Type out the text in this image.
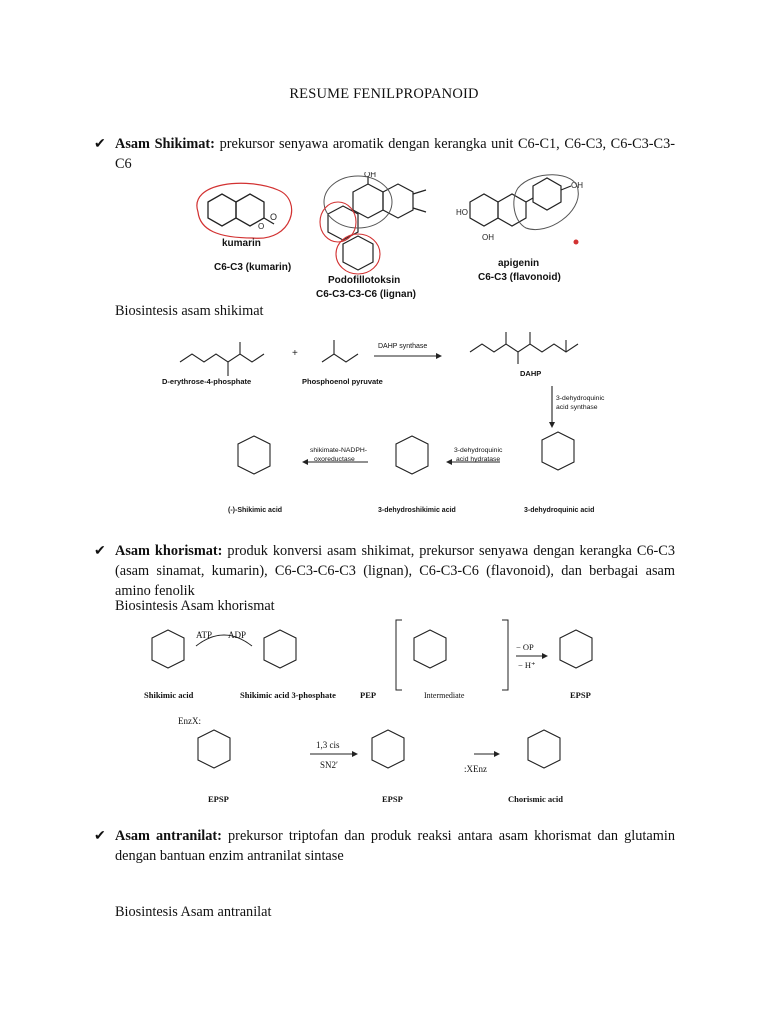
RESUME FENILPROPANOID
✔ Asam Shikimat: prekursor senyawa aromatik dengan kerangka unit C6-C1, C6-C3, C6-C3-C3-C6
O
O
kumarin
C6-C3 (kumarin)
OH
Podofillotoksin
C6-C3-C3-C6 (lignan)
HO
OH
OH
apigenin
C6-C3 (flavonoid)
Biosintesis asam shikimat
+
D-erythrose-4-phosphate	Phosphoenol pyruvate
DAHP synthase
DAHP
3-dehydroquinic
acid synthase
3-dehydroquinic acid
3-dehydroquinic
acid hydratase
3-dehydroshikimic acid
shikimate-NADPH-
oxoreductase
(-)-Shikimic acid
✔ Asam khorismat: produk konversi asam shikimat, prekursor senyawa dengan kerangka C6-C3 (asam sinamat, kumarin), C6-C3-C6-C3 (lignan), C6-C3-C6 (flavonoid), dan berbagai asam amino fenolik
Biosintesis Asam khorismat
Shikimic acid
ATP ADP
Shikimic acid 3-phosphate	PEP	Intermediate
− OP
− H⁺
EPSP
EnzX:
EPSP
1,3 cis
SN2′
EPSP
:XEnz
Chorismic acid
✔ Asam antranilat: prekursor triptofan dan produk reaksi antara asam khorismat dan glutamin dengan bantuan enzim antranilat sintase
Biosintesis Asam antranilat
